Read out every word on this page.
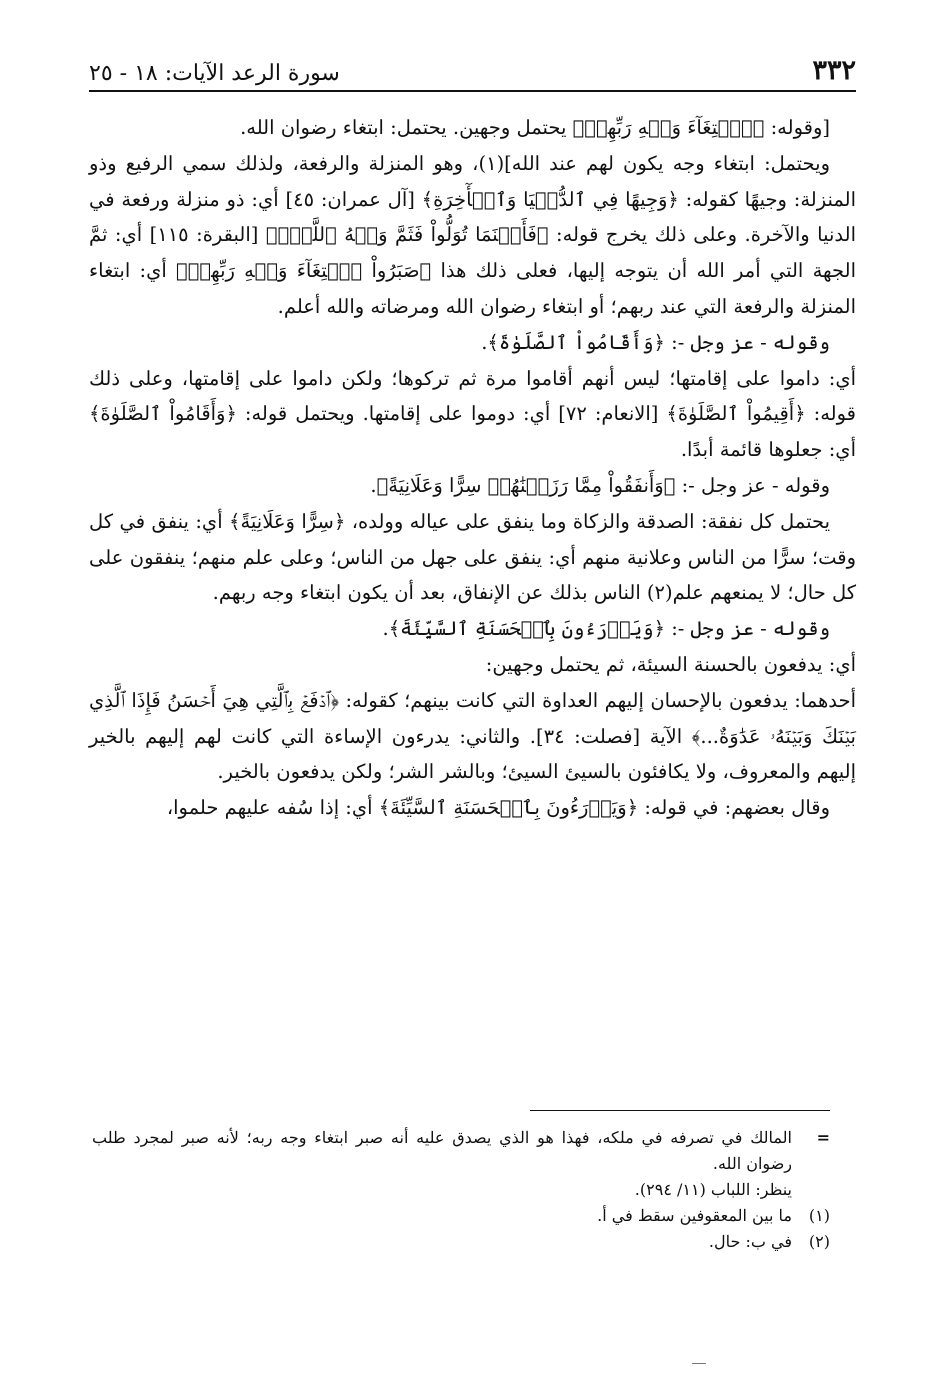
٣٣٢
سورة الرعد الآيات: ١٨ - ٢٥

[وقوله: ﴿ٱبۡتِغَآءَ وَجۡهِ رَبِّهِمۡ﴾ يحتمل وجهين. يحتمل: ابتغاء رضوان الله.

ويحتمل: ابتغاء وجه يكون لهم عند الله](١)، وهو المنزلة والرفعة، ولذلك سمي الرفيع وذو المنزلة: وجيهًا كقوله: ﴿وَجِيهًا فِي ٱلدُّنۡيَا وَٱلۡأٓخِرَةِ﴾ [آل عمران: ٤٥] أي: ذو منزلة ورفعة في الدنيا والآخرة. وعلى ذلك يخرج قوله: ﴿فَأَيۡنَمَا تُوَلُّواْ فَثَمَّ وَجۡهُ ٱللَّهِۚ﴾ [البقرة: ١١٥] أي: ثمَّ الجهة التي أمر الله أن يتوجه إليها، فعلى ذلك هذا ﴿صَبَرُواْ ٱبۡتِغَآءَ وَجۡهِ رَبِّهِمۡ﴾ أي: ابتغاء المنزلة والرفعة التي عند ربهم؛ أو ابتغاء رضوان الله ومرضاته والله أعلم.

وقوله - عز وجل -: ﴿وَأَقَامُواْ ٱلصَّلَوٰةَ﴾.

أي: داموا على إقامتها؛ ليس أنهم أقاموا مرة ثم تركوها؛ ولكن داموا على إقامتها، وعلى ذلك قوله: ﴿أَقِيمُواْ ٱلصَّلَوٰةَ﴾ [الانعام: ٧٢] أي: دوموا على إقامتها. ويحتمل قوله: ﴿وَأَقَامُواْ ٱلصَّلَوٰةَ﴾ أي: جعلوها قائمة أبدًا.

وقوله - عز وجل -: ﴿وَأَنفَقُواْ مِمَّا رَزَقۡنَٰهُمۡ سِرًّا وَعَلَانِيَةً﴾.

يحتمل كل نفقة: الصدقة والزكاة وما ينفق على عياله وولده، ﴿سِرًّا وَعَلَانِيَةً﴾ أي: ينفق في كل وقت؛ سرًّا من الناس وعلانية منهم أي: ينفق على جهل من الناس؛ وعلى علم منهم؛ ينفقون على كل حال؛ لا يمنعهم علم(٢) الناس بذلك عن الإنفاق، بعد أن يكون ابتغاء وجه ربهم.

وقوله - عز وجل -: ﴿وَيَدۡرَءُونَ بِٱلۡحَسَنَةِ ٱلسَّيِّئَةَ﴾.

أي: يدفعون بالحسنة السيئة، ثم يحتمل وجهين:

أحدهما: يدفعون بالإحسان إليهم العداوة التي كانت بينهم؛ كقوله: ﴿ٱدۡفَعۡ بِٱلَّتِي هِيَ أَحۡسَنُ فَإِذَا ٱلَّذِي بَيۡنَكَ وَبَيۡنَهُۥ عَدَٰوَةٌ...﴾ الآية [فصلت: ٣٤]. والثاني: يدرءون الإساءة التي كانت لهم إليهم بالخير إليهم والمعروف، ولا يكافئون بالسيئ السيئ؛ وبالشر الشر؛ ولكن يدفعون بالخير.

وقال بعضهم: في قوله: ﴿وَيَدۡرَءُونَ بِٱلۡحَسَنَةِ ٱلسَّيِّئَةَ﴾ أي: إذا سُفه عليهم حلموا،

=
المالك في تصرفه في ملكه، فهذا هو الذي يصدق عليه أنه صبر ابتغاء وجه ربه؛ لأنه صبر لمجرد طلب رضوان الله.

ينظر: اللباب (١١/ ٢٩٤).

(١)
ما بين المعقوفين سقط في أ.

(٢)
في ب: حال.
